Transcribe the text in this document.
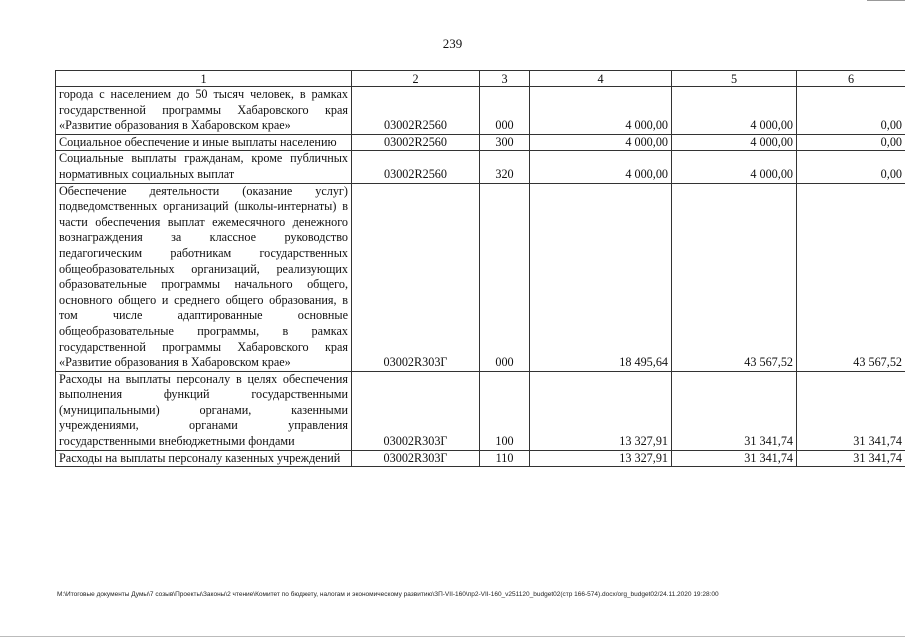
239
1	2	3	4	5	6
города с населением до 50 тысяч человек, в рамках государственной программы Хабаровского края «Развитие образования в Хабаровском крае»	03002R2560	000	4 000,00	4 000,00	0,00
Социальное обеспечение и иные выплаты населению	03002R2560	300	4 000,00	4 000,00	0,00
Социальные выплаты гражданам, кроме публичных нормативных социальных выплат	03002R2560	320	4 000,00	4 000,00	0,00
Обеспечение деятельности (оказание услуг) подведомственных организаций (школы-интернаты) в части обеспечения выплат ежемесячного денежного вознаграждения за классное руководство педагогическим работникам государственных общеобразовательных организаций, реализующих образовательные программы начального общего, основного общего и среднего общего образования, в том числе адаптированные основные общеобразовательные программы, в рамках государственной программы Хабаровского края «Развитие образования в Хабаровском крае»	03002R303Г	000	18 495,64	43 567,52	43 567,52
Расходы на выплаты персоналу в целях обеспечения выполнения функций государственными (муниципальными) органами, казенными учреждениями, органами управления государственными внебюджетными фондами	03002R303Г	100	13 327,91	31 341,74	31 341,74
Расходы на выплаты персоналу казенных учреждений	03002R303Г	110	13 327,91	31 341,74	31 341,74
M:\Итоговые документы Думы\7 созыв\Проекты\Законы\2 чтение\Комитет по бюджету, налогам и экономическому развитию\ЗП-VII-160\пр2-VII-160_v251120_budget02(стр 166-574).docx/org_budget02/24.11.2020 19:28:00
